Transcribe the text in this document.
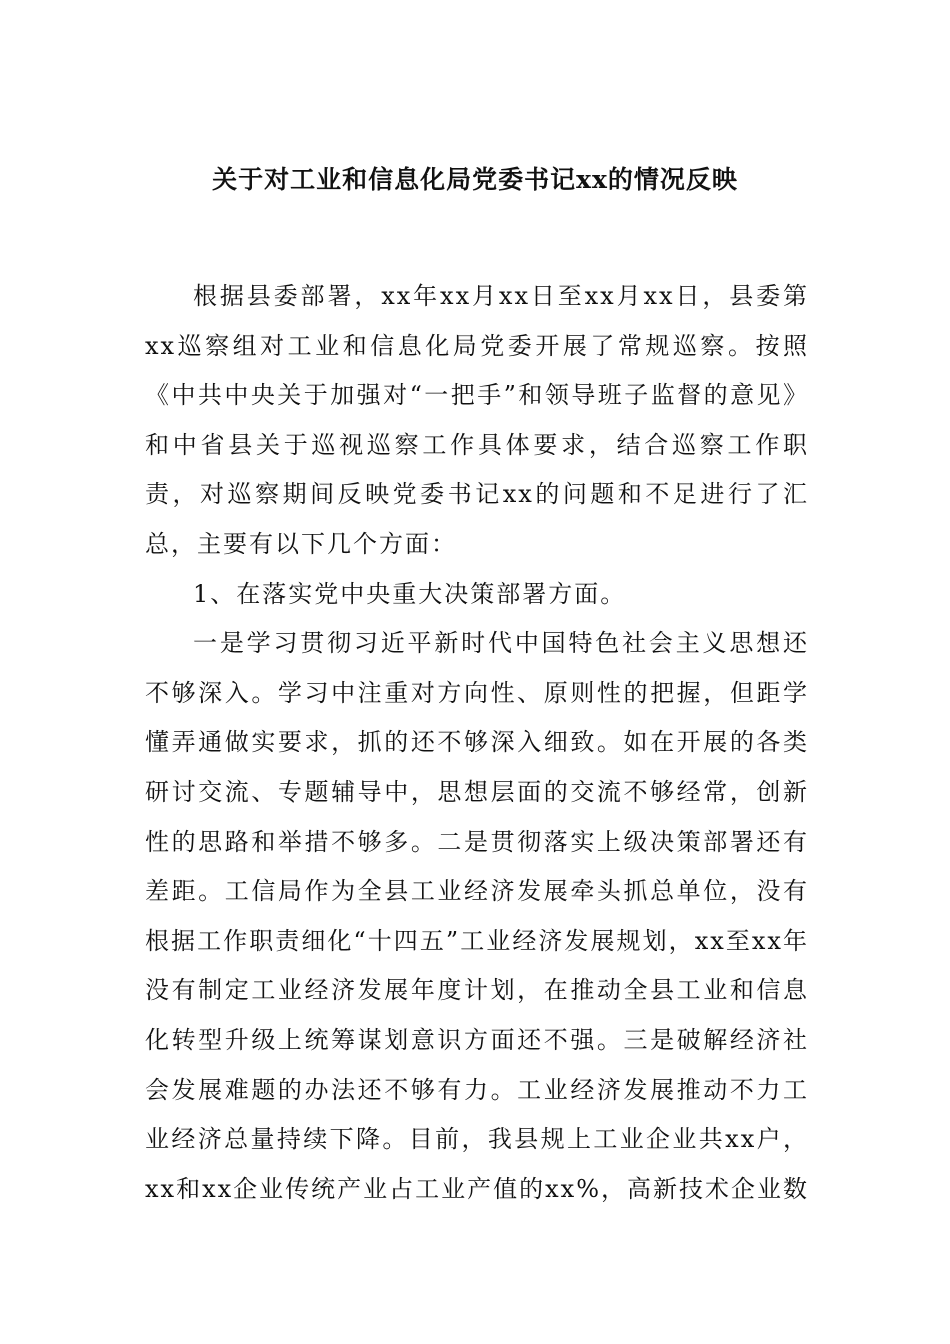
关于对工业和信息化局党委书记xx的情况反映

根据县委部署，xx年xx月xx日至xx月xx日，县委第xx巡察组对工业和信息化局党委开展了常规巡察。按照《中共中央关于加强对“一把手”和领导班子监督的意见》和中省县关于巡视巡察工作具体要求，结合巡察工作职责，对巡察期间反映党委书记xx的问题和不足进行了汇总，主要有以下几个方面：

1、在落实党中央重大决策部署方面。

一是学习贯彻习近平新时代中国特色社会主义思想还不够深入。学习中注重对方向性、原则性的把握，但距学懂弄通做实要求，抓的还不够深入细致。如在开展的各类研讨交流、专题辅导中，思想层面的交流不够经常，创新性的思路和举措不够多。二是贯彻落实上级决策部署还有差距。工信局作为全县工业经济发展牵头抓总单位，没有根据工作职责细化“十四五”工业经济发展规划，xx至xx年没有制定工业经济发展年度计划，在推动全县工业和信息化转型升级上统筹谋划意识方面还不强。三是破解经济社会发展难题的办法还不够有力。工业经济发展推动不力工业经济总量持续下降。目前，我县规上工业企业共xx户，xx和xx企业传统产业占工业产值的xx%，高新技术企业数
